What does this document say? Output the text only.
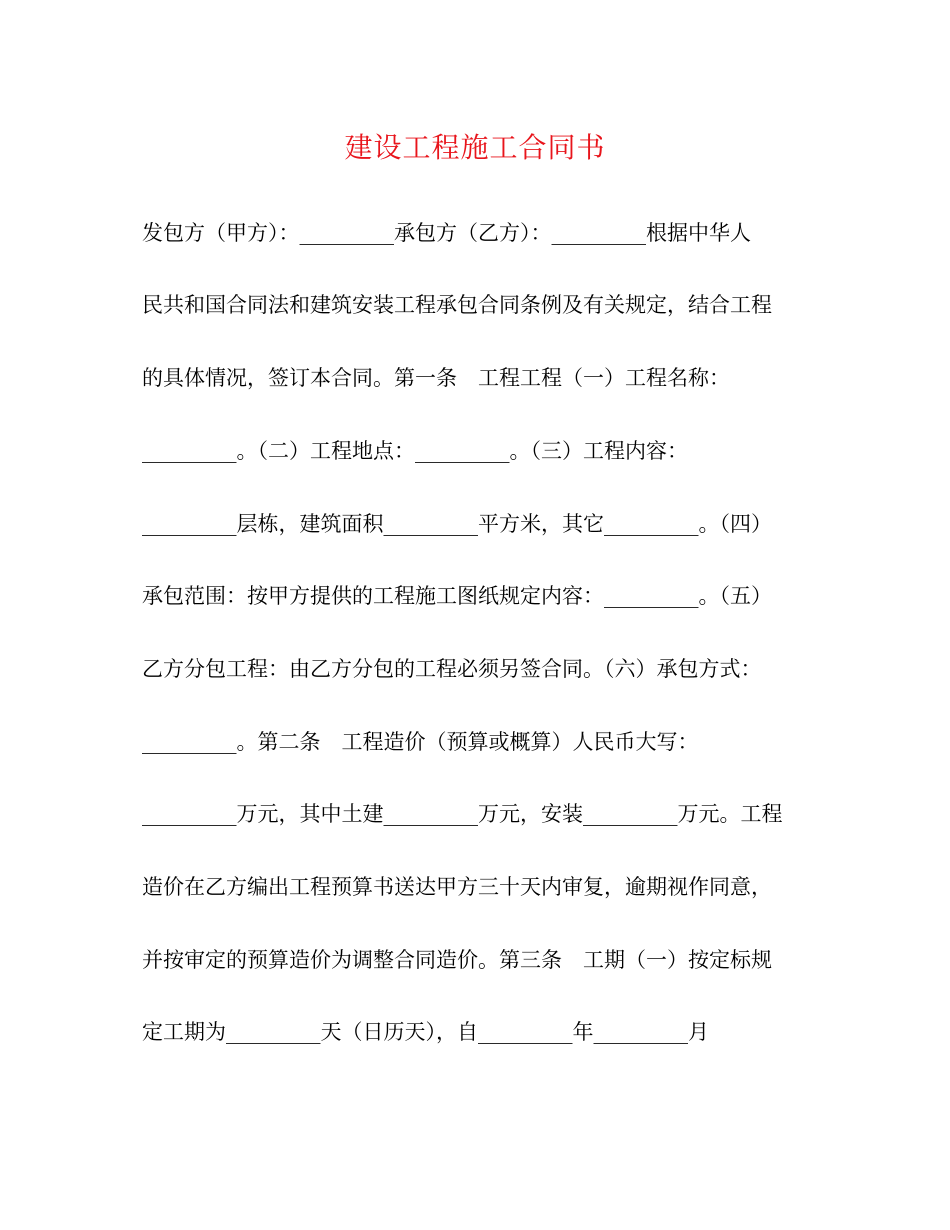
建设工程施工合同书
发包方（甲方）：_________承包方（乙方）：_________根据中华人
民共和国合同法和建筑安装工程承包合同条例及有关规定，结合工程
的具体情况，签订本合同。第一条　工程工程（一）工程名称：
_________。（二）工程地点：_________。（三）工程内容：
_________层栋，建筑面积_________平方米，其它_________。（四）
承包范围：按甲方提供的工程施工图纸规定内容：_________。（五）
乙方分包工程：由乙方分包的工程必须另签合同。（六）承包方式：
_________。第二条　工程造价（预算或概算）人民币大写：
_________万元，其中土建_________万元，安装_________万元。工程
造价在乙方编出工程预算书送达甲方三十天内审复，逾期视作同意，
并按审定的预算造价为调整合同造价。第三条　工期（一）按定标规
定工期为_________天（日历天），自_________年_________月
